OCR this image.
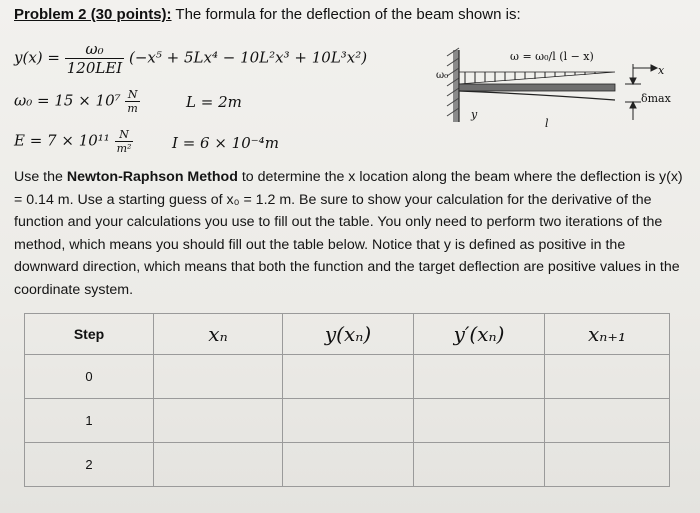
Problem 2 (30 points): The formula for the deflection of the beam shown is:
$y(x) = \frac{\text{ω₀}}{\text{120LEI}} (-x^5 + 5Lx^4 - 10L^2x^3 + 10L^3x^2)$
$\omega_0 = 15 \times 10^7 \frac{N}{m}$	L = 2m
$E = 7 \times 10^{11} \frac{N}{\text{m²}}$	I = 6 × 10⁻⁴m
ω = ω₀/l (l − x)
ω₀	x
y
l
δmax
Use the Newton-Raphson Method to determine the x location along the beam where the deflection is y(x) = 0.14 m. Use a starting guess of x₀ = 1.2 m. Be sure to show your calculation for the derivative of the function and your calculations you use to fill out the table. You only need to perform two iterations of the method, which means you should fill out the table below. Notice that y is defined as positive in the downward direction, which means that both the function and the target deflection are positive values in the coordinate system.
Step	xₙ	y(xₙ)	y′(xₙ)	xₙ₊₁
0				
1				
2				
